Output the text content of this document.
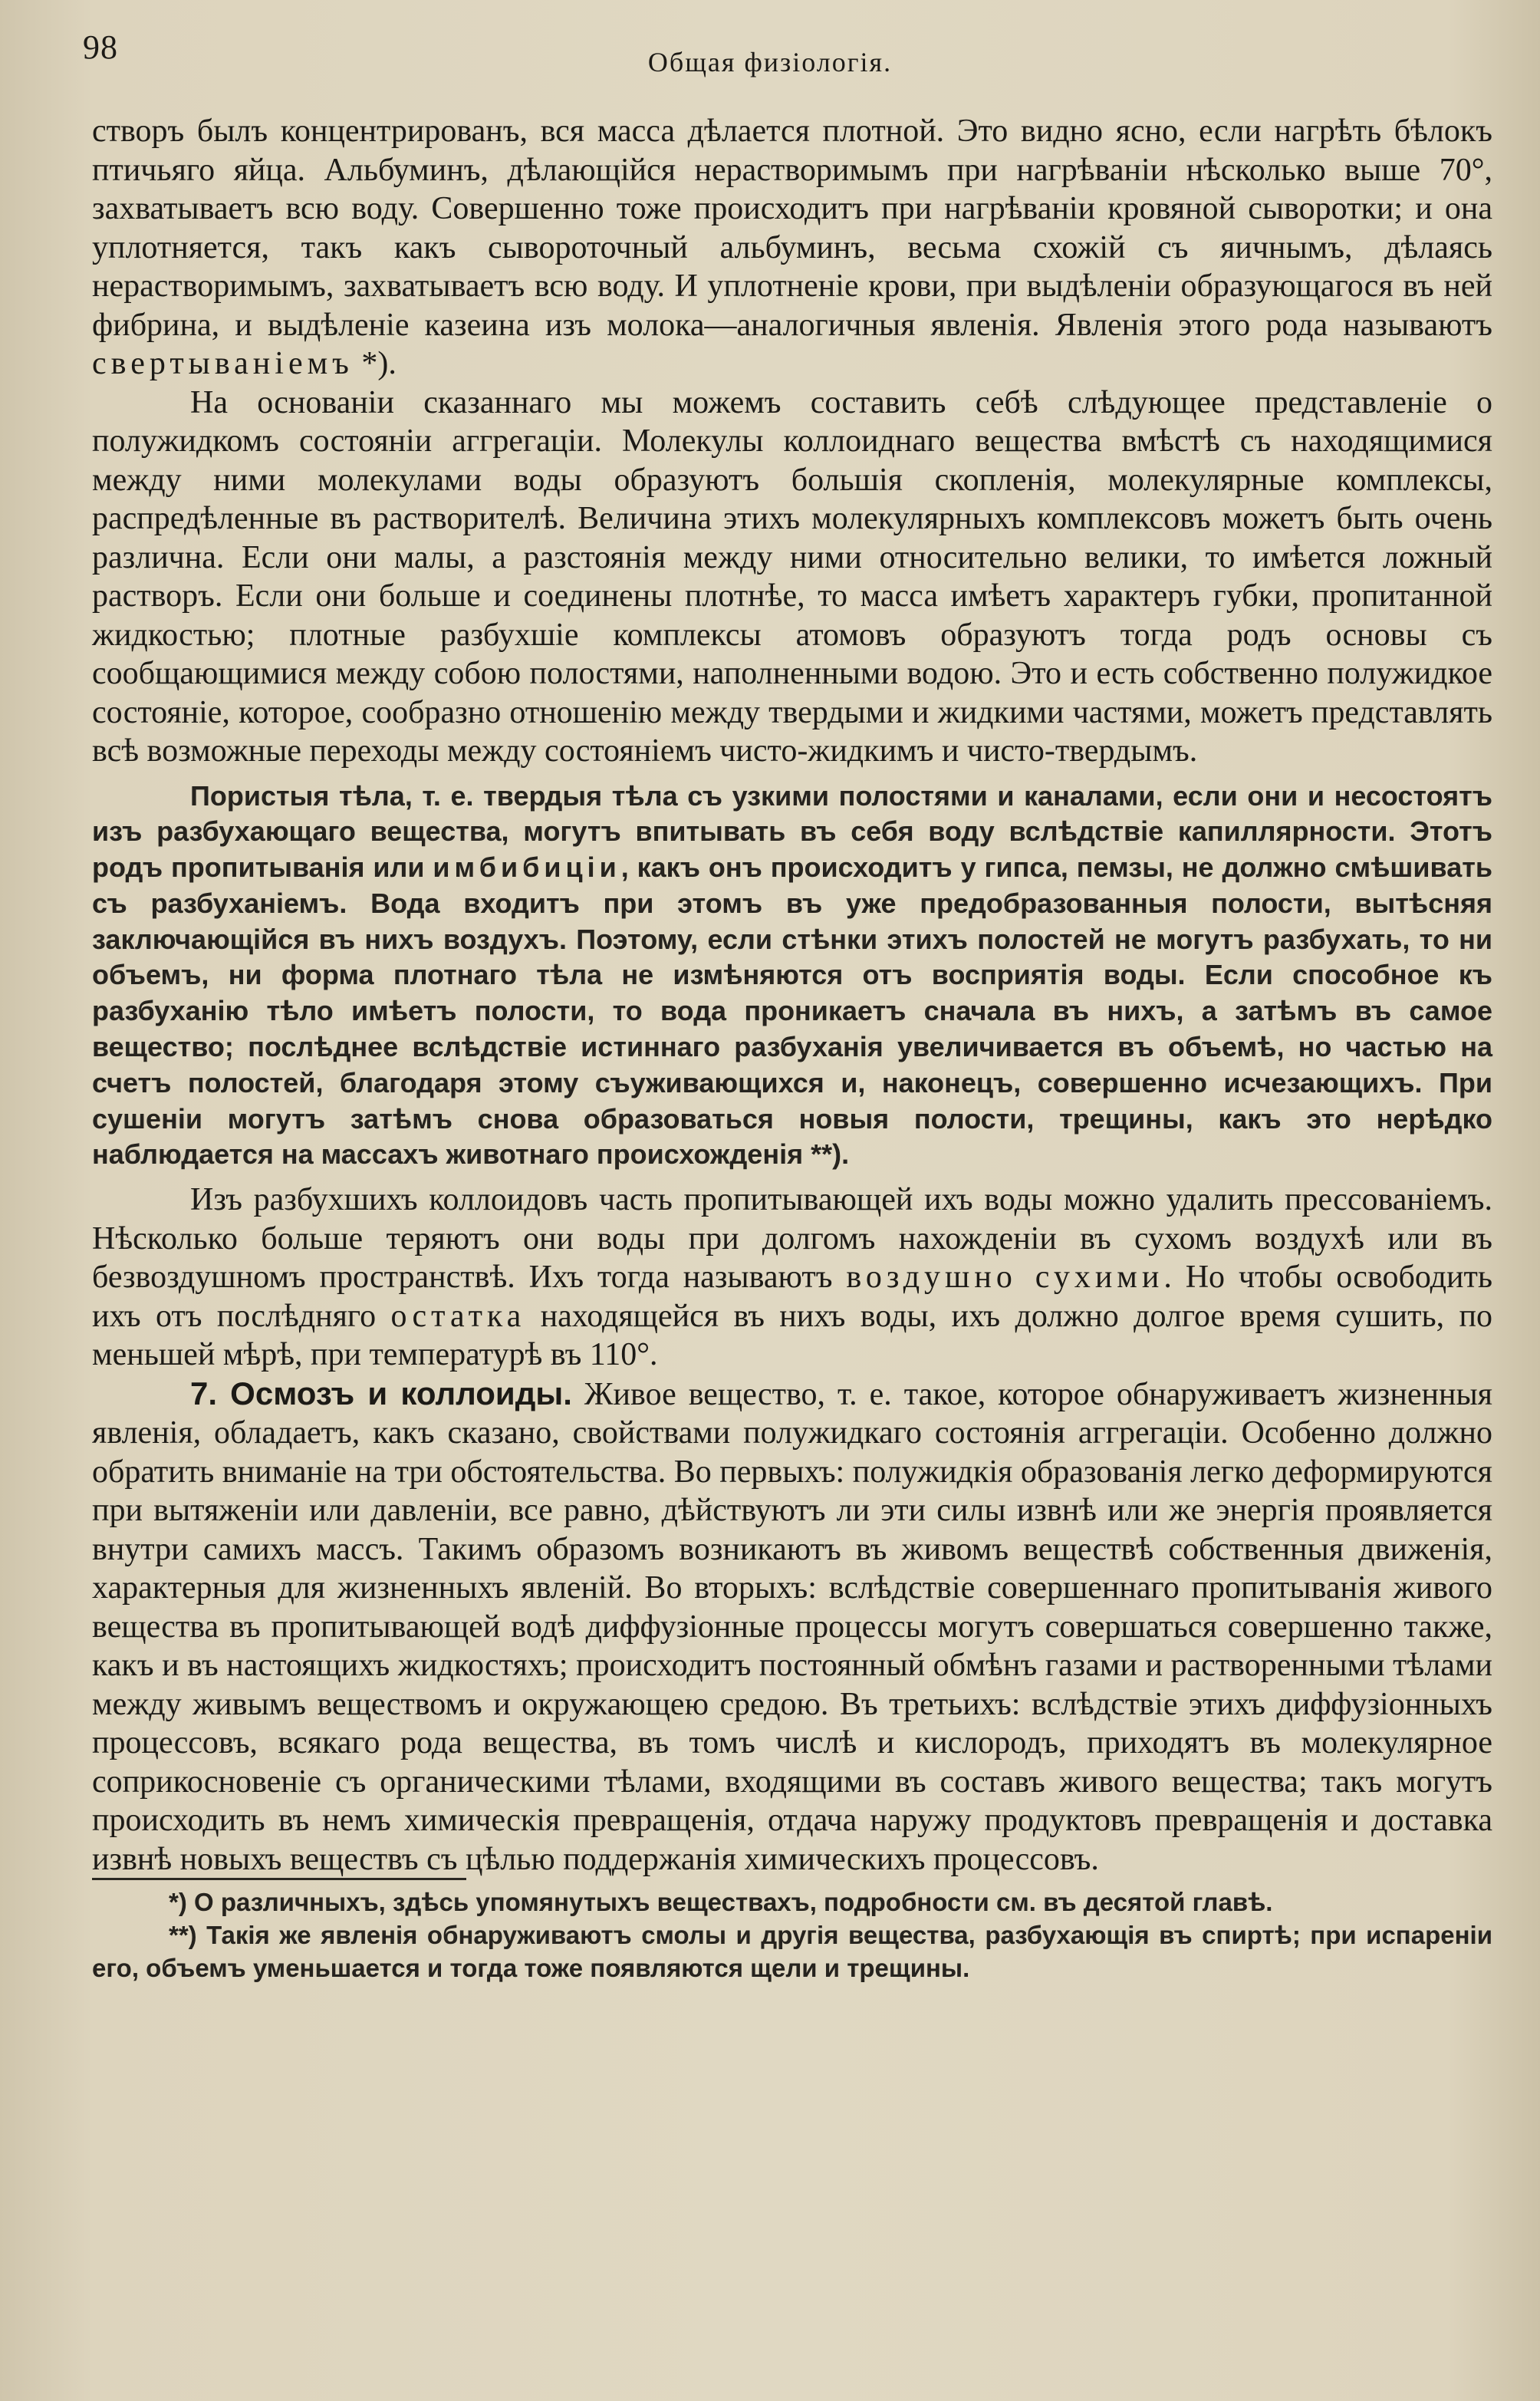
98	Общая физiологiя.

створъ былъ концентрированъ, вся масса дѣлается плотной. Это видно ясно, если нагрѣть бѣлокъ птичьяго яйца. Альбуминъ, дѣлающiйся нерастворимымъ при нагрѣванiи нѣсколько выше 70°, захватываетъ всю воду. Совершенно тоже происходитъ при нагрѣванiи кровяной сыворотки; и она уплотняется, такъ какъ сывороточный альбуминъ, весьма схожiй съ яичнымъ, дѣлаясь нерастворимымъ, захватываетъ всю воду. И уплотненiе крови, при выдѣленiи образующагося въ ней фибрина, и выдѣленiе казеина изъ молока—аналогичныя явленiя. Явленiя этого рода называютъ свертыванiемъ *).

На основанiи сказаннаго мы можемъ составить себѣ слѣдующее представленiе о полужидкомъ состоянiи аггрегацiи. Молекулы коллоиднаго вещества вмѣстѣ съ находящимися между ними молекулами воды образуютъ большiя скопленiя, молекулярные комплексы, распредѣленные въ растворителѣ. Величина этихъ молекулярныхъ комплексовъ можетъ быть очень различна. Если они малы, а разстоянiя между ними относительно велики, то имѣется ложный растворъ. Если они больше и соединены плотнѣе, то масса имѣетъ характеръ губки, пропитанной жидкостью; плотные разбухшiе комплексы атомовъ образуютъ тогда родъ основы съ сообщающимися между собою полостями, наполненными водою. Это и есть собственно полужидкое состоянiе, которое, сообразно отношенiю между твердыми и жидкими частями, можетъ представлять всѣ возможные переходы между состоянiемъ чисто-жидкимъ и чисто-твердымъ.

Пористыя тѣла, т. е. твердыя тѣла съ узкими полостями и каналами, если они и несостоятъ изъ разбухающаго вещества, могутъ впитывать въ себя воду вслѣдствiе капиллярности. Этотъ родъ пропитыванiя или имбибицiи, какъ онъ происходитъ у гипса, пемзы, не должно смѣшивать съ разбуханiемъ. Вода входитъ при этомъ въ уже предобразованныя полости, вытѣсняя заключающiйся въ нихъ воздухъ. Поэтому, если стѣнки этихъ полостей не могутъ разбухать, то ни объемъ, ни форма плотнаго тѣла не измѣняются отъ восприятiя воды. Если способное къ разбуханiю тѣло имѣетъ полости, то вода проникаетъ сначала въ нихъ, а затѣмъ въ самое вещество; послѣднее вслѣдствiе истиннаго разбуханiя увеличивается въ объемѣ, но частью на счетъ полостей, благодаря этому съуживающихся и, наконецъ, совершенно исчезающихъ. При сушенiи могутъ затѣмъ снова образоваться новыя полости, трещины, какъ это нерѣдко наблюдается на массахъ животнаго происхожденiя **).

Изъ разбухшихъ коллоидовъ часть пропитывающей ихъ воды можно удалить прессованiемъ. Нѣсколько больше теряютъ они воды при долгомъ нахожденiи въ сухомъ воздухѣ или въ безвоздушномъ пространствѣ. Ихъ тогда называютъ воздушно сухими. Но чтобы освободить ихъ отъ послѣдняго остатка находящейся въ нихъ воды, ихъ должно долгое время сушить, по меньшей мѣрѣ, при температурѣ въ 110°.

7. Осмозъ и коллоиды. Живое вещество, т. е. такое, которое обнаруживаетъ жизненныя явленiя, обладаетъ, какъ сказано, свойствами полужидкаго состоянiя аггрегацiи. Особенно должно обратить вниманiе на три обстоятельства. Во первыхъ: полужидкiя образованiя легко деформируются при вытяженiи или давленiи, все равно, дѣйствуютъ ли эти силы извнѣ или же энергiя проявляется внутри самихъ массъ. Такимъ образомъ возникаютъ въ живомъ веществѣ собственныя движенiя, характерныя для жизненныхъ явленiй. Во вторыхъ: вслѣдствiе совершеннаго пропитыванiя живого вещества въ пропитывающей водѣ диффузiонные процессы могутъ совершаться совершенно также, какъ и въ настоящихъ жидкостяхъ; происходитъ постоянный обмѣнъ газами и растворенными тѣлами между живымъ веществомъ и окружающею средою. Въ третьихъ: вслѣдствiе этихъ диффузiонныхъ процессовъ, всякаго рода вещества, въ томъ числѣ и кислородъ, приходятъ въ молекулярное соприкосновенiе съ органическими тѣлами, входящими въ составъ живого вещества; такъ могутъ происходить въ немъ химическiя превращенiя, отдача наружу продуктовъ превращенiя и доставка извнѣ новыхъ веществъ съ цѣлью поддержанiя химическихъ процессовъ.

*) О различныхъ, здѣсь упомянутыхъ веществахъ, подробности см. въ десятой главѣ.

**) Такiя же явленiя обнаруживаютъ смолы и другiя вещества, разбухающiя въ спиртѣ; при испаренiи его, объемъ уменьшается и тогда тоже появляются щели и трещины.
